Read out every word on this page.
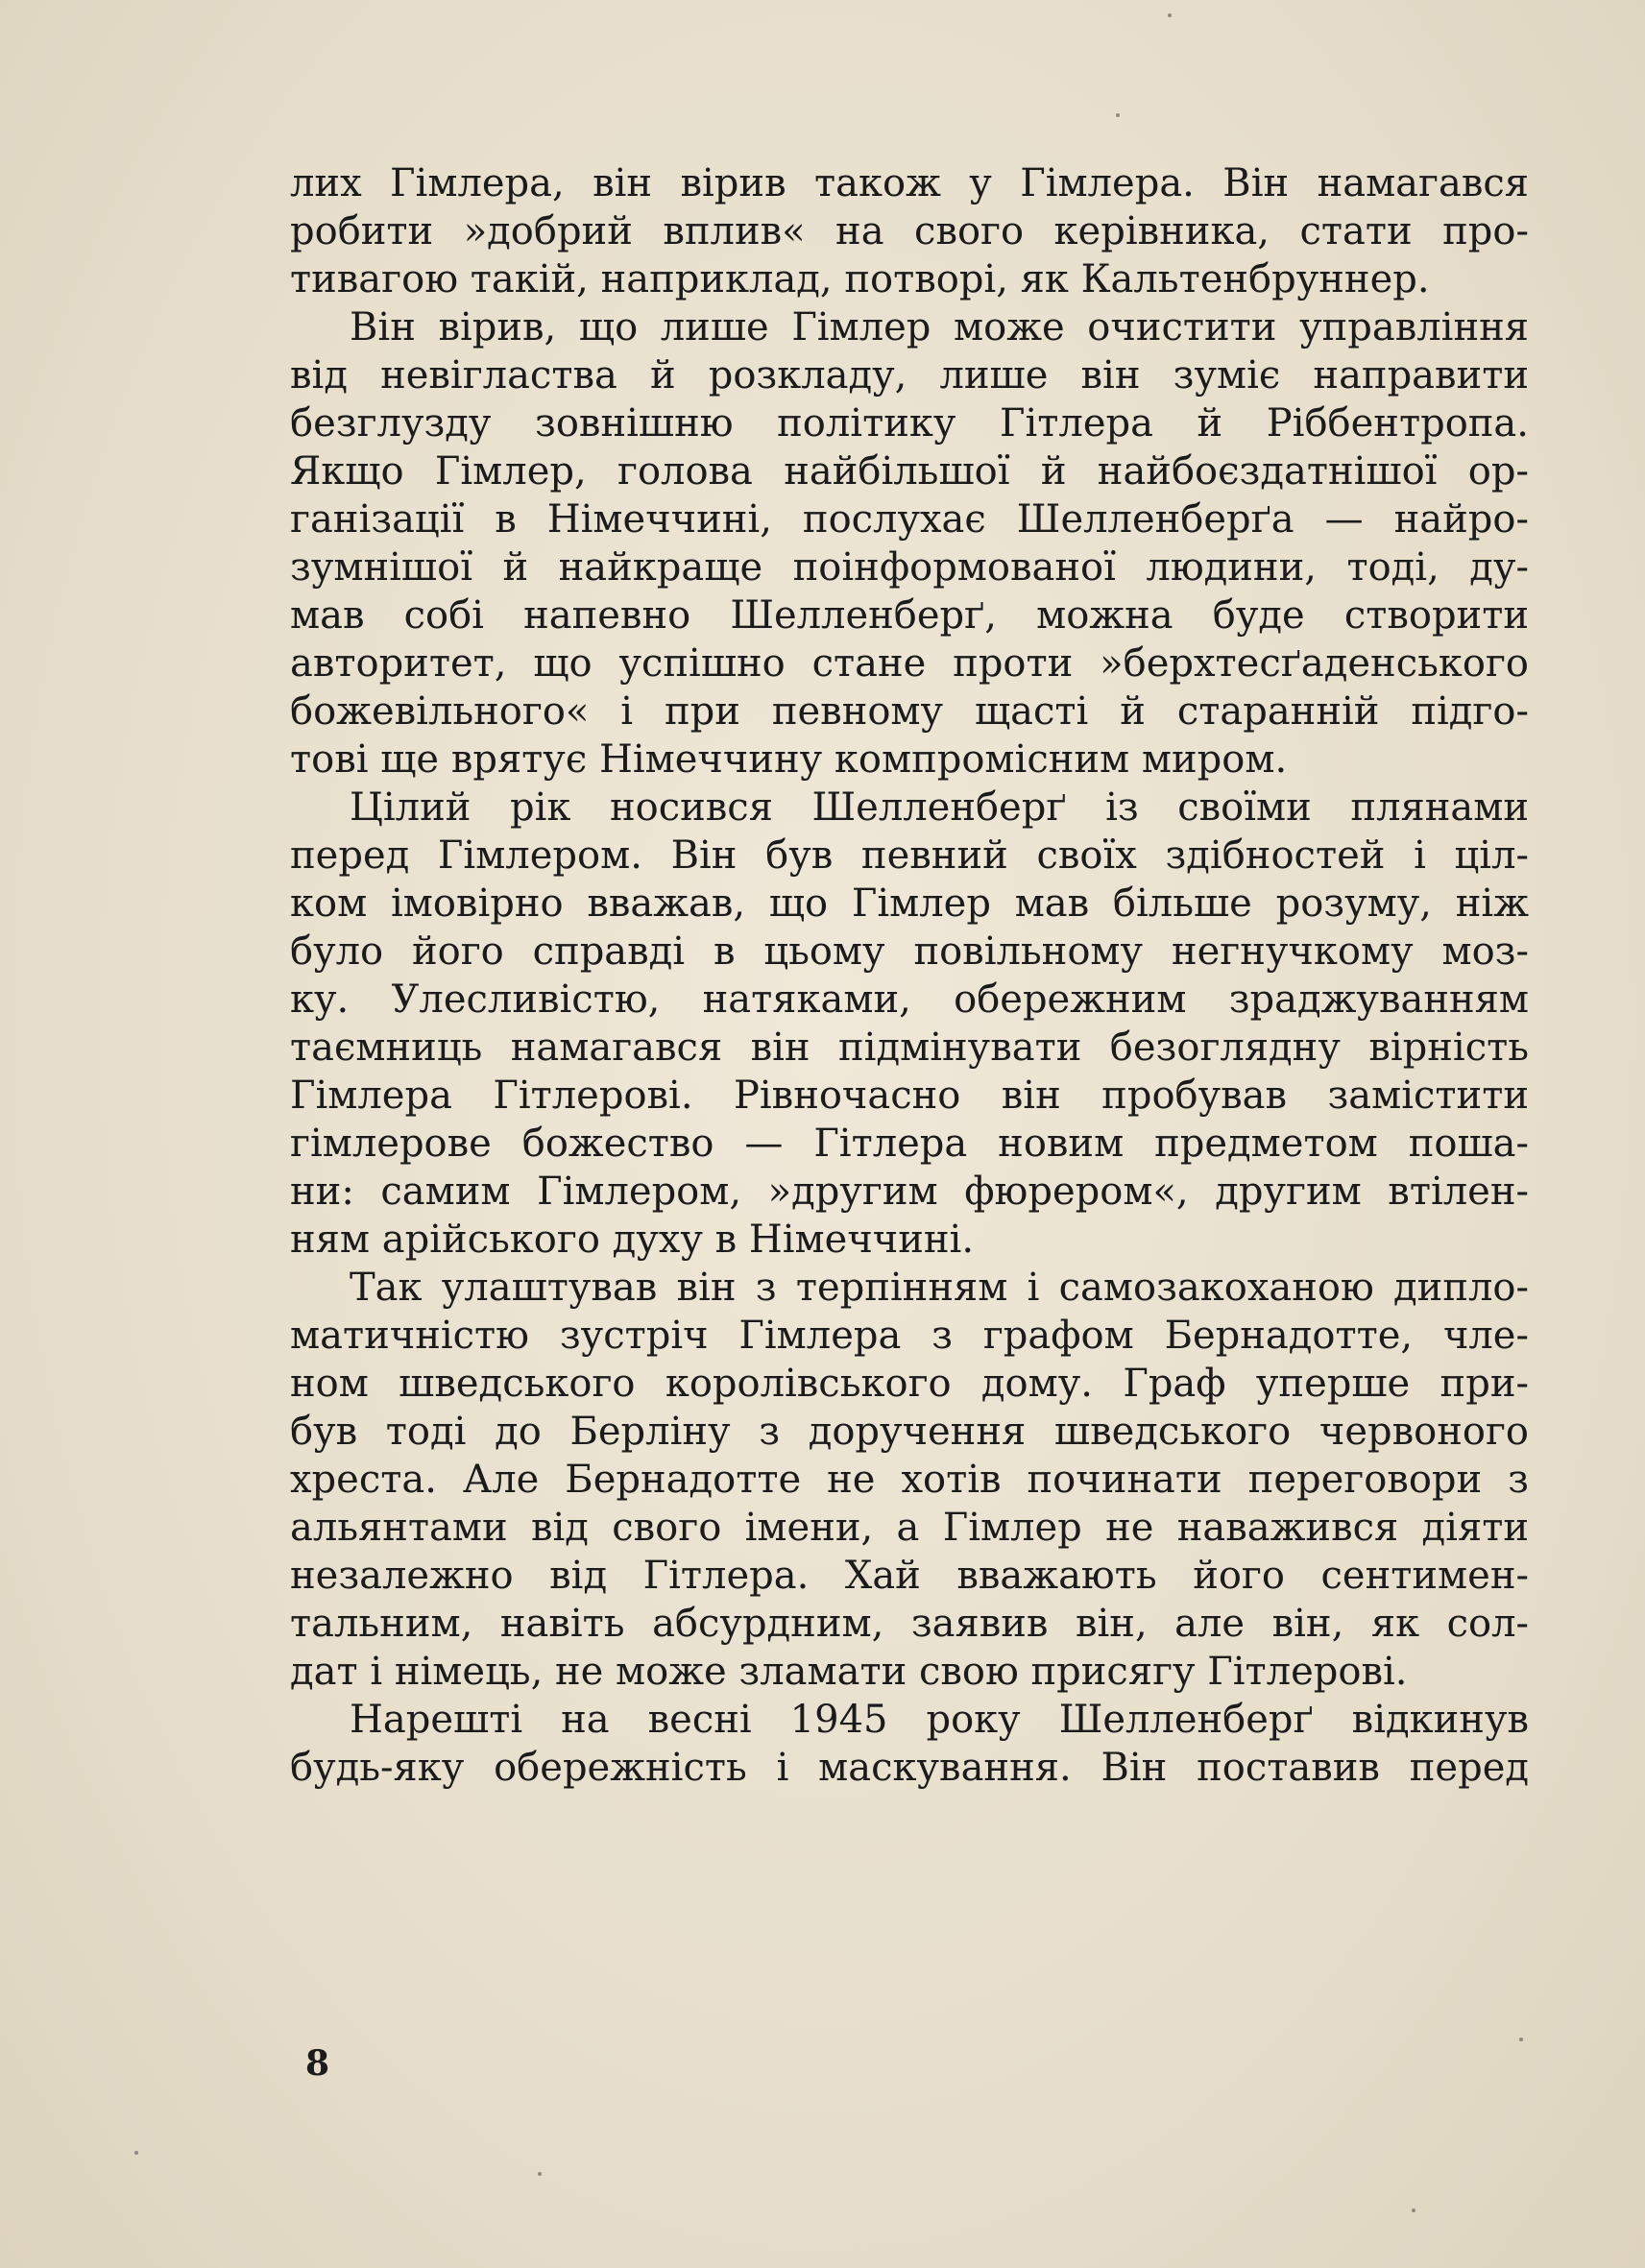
лих Гімлера, він вірив також у Гімлера. Він намагався
робити »добрий вплив« на свого керівника, стати про-
тивагою такій, наприклад, потворі, як Кальтенбруннер.
Він вірив, що лише Гімлер може очистити управління
від невігластва й розкладу, лише він зуміє направити
безглузду зовнішню політику Гітлера й Ріббентропа.
Якщо Гімлер, голова найбільшої й найбоєздатнішої ор-
ганізації в Німеччині, послухає Шелленберґа — найро-
зумнішої й найкраще поінформованої людини, тоді, ду-
мав собі напевно Шелленберґ, можна буде створити
авторитет, що успішно стане проти »берхтесґаденського
божевільного« і при певному щасті й старанній підго-
тові ще врятує Німеччину компромісним миром.
Цілий рік носився Шелленберґ із своїми плянами
перед Гімлером. Він був певний своїх здібностей і ціл-
ком імовірно вважав, що Гімлер мав більше розуму, ніж
було його справді в цьому повільному негнучкому моз-
ку. Улесливістю, натяками, обережним зраджуванням
таємниць намагався він підмінувати безоглядну вірність
Гімлера Гітлерові. Рівночасно він пробував замістити
гімлерове божество — Гітлера новим предметом поша-
ни: самим Гімлером, »другим фюрером«, другим втілен-
ням арійського духу в Німеччині.
Так улаштував він з терпінням і самозакоханою дипло-
матичністю зустріч Гімлера з графом Бернадотте, чле-
ном шведського королівського дому. Граф уперше при-
був тоді до Берліну з доручення шведського червоного
хреста. Але Бернадотте не хотів починати переговори з
альянтами від свого імени, а Гімлер не наважився діяти
незалежно від Гітлера. Хай вважають його сентимен-
тальним, навіть абсурдним, заявив він, але він, як сол-
дат і німець, не може зламати свою присягу Гітлерові.
Нарешті на весні 1945 року Шелленберґ відкинув
будь-яку обережність і маскування. Він поставив перед
8
